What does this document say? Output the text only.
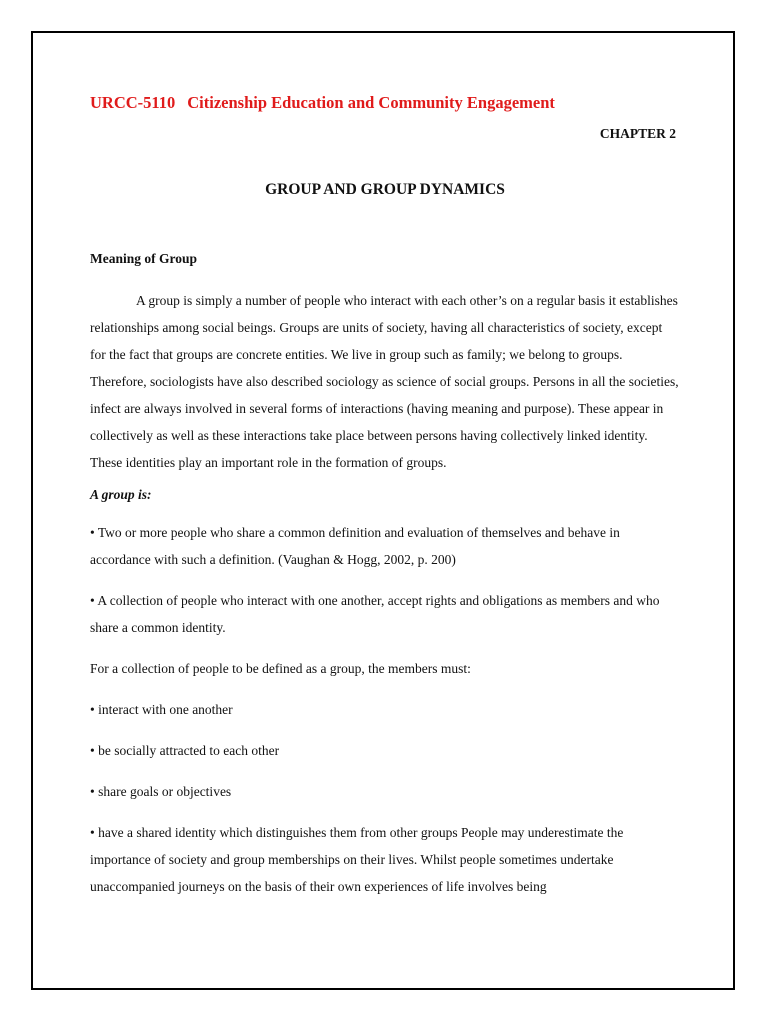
URCC-5110 Citizenship Education and Community Engagement

CHAPTER 2

GROUP AND GROUP DYNAMICS

Meaning of Group

A group is simply a number of people who interact with each other’s on a regular basis it establishes relationships among social beings. Groups are units of society, having all characteristics of society, except for the fact that groups are concrete entities. We live in group such as family; we belong to groups. Therefore, sociologists have also described sociology as science of social groups. Persons in all the societies, infect are always involved in several forms of interactions (having meaning and purpose). These appear in collectively as well as these interactions take place between persons having collectively linked identity. These identities play an important role in the formation of groups.

A group is:

• Two or more people who share a common definition and evaluation of themselves and behave in accordance with such a definition. (Vaughan & Hogg, 2002, p. 200)

• A collection of people who interact with one another, accept rights and obligations as members and who share a common identity.

For a collection of people to be defined as a group, the members must:

• interact with one another

• be socially attracted to each other

• share goals or objectives

• have a shared identity which distinguishes them from other groups People may underestimate the importance of society and group memberships on their lives. Whilst people sometimes undertake unaccompanied journeys on the basis of their own experiences of life involves being
